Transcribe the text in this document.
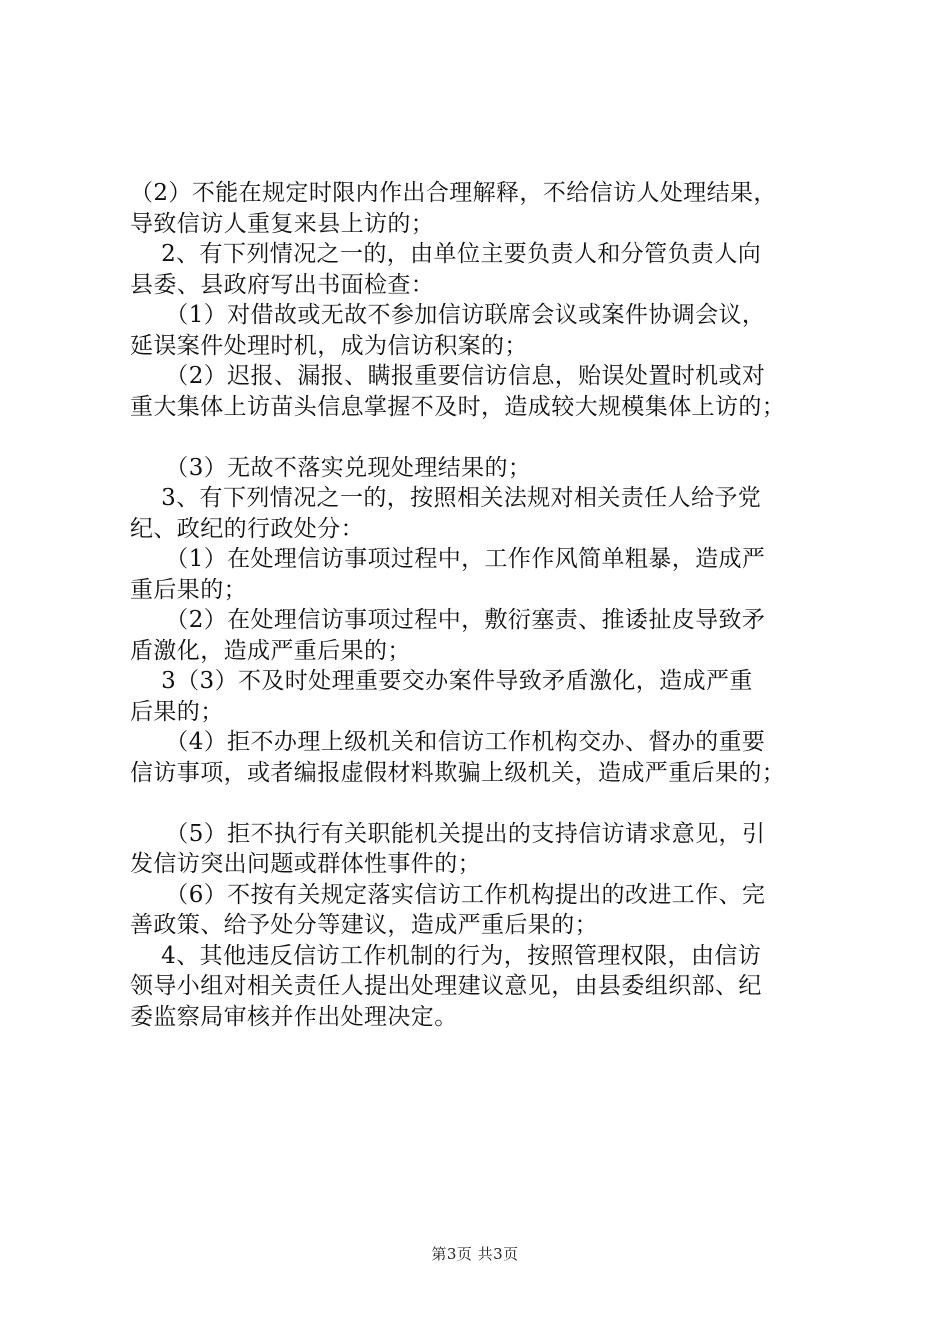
（2）不能在规定时限内作出合理解释，不给信访人处理结果，

导致信访人重复来县上访的；

　 2、有下列情况之一的，由单位主要负责人和分管负责人向

县委、县政府写出书面检查：

　　（1）对借故或无故不参加信访联席会议或案件协调会议，

延误案件处理时机，成为信访积案的；

　　（2）迟报、漏报、瞒报重要信访信息，贻误处置时机或对

重大集体上访苗头信息掌握不及时，造成较大规模集体上访的；

　　（3）无故不落实兑现处理结果的；

　 3、有下列情况之一的，按照相关法规对相关责任人给予党

纪、政纪的行政处分：

　　（1）在处理信访事项过程中，工作作风简单粗暴，造成严

重后果的；

　　（2）在处理信访事项过程中，敷衍塞责、推诿扯皮导致矛

盾激化，造成严重后果的；

　 3（3）不及时处理重要交办案件导致矛盾激化，造成严重

后果的；

　　（4）拒不办理上级机关和信访工作机构交办、督办的重要

信访事项，或者编报虚假材料欺骗上级机关，造成严重后果的；

　　（5）拒不执行有关职能机关提出的支持信访请求意见，引

发信访突出问题或群体性事件的；

　　（6）不按有关规定落实信访工作机构提出的改进工作、完

善政策、给予处分等建议，造成严重后果的；

　 4、其他违反信访工作机制的行为，按照管理权限，由信访

领导小组对相关责任人提出处理建议意见，由县委组织部、纪

委监察局审核并作出处理决定。

第3页 共3页
